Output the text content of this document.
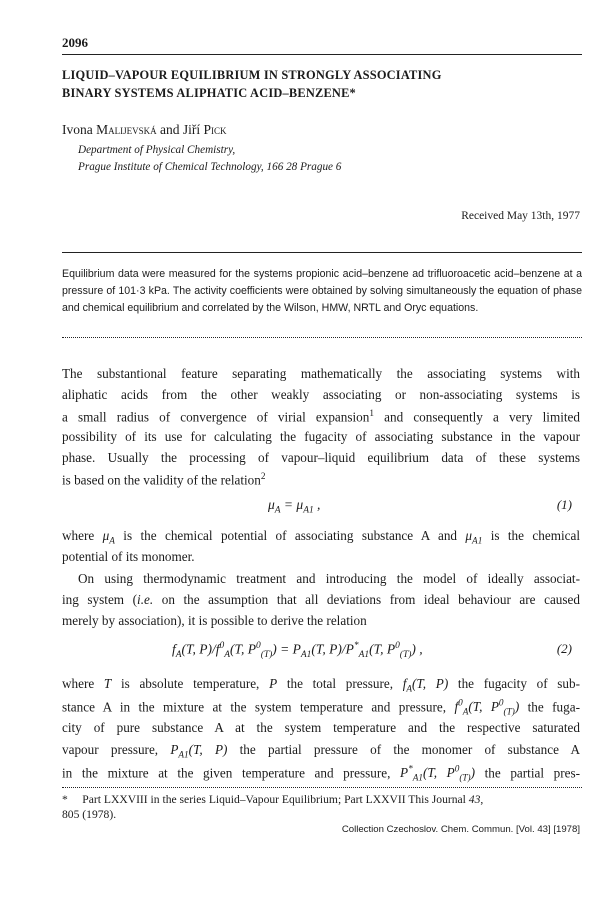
2096
LIQUID–VAPOUR EQUILIBRIUM IN STRONGLY ASSOCIATING
BINARY SYSTEMS ALIPHATIC ACID–BENZENE*
Ivona Malijevská and Jiří Pick
Department of Physical Chemistry,
Prague Institute of Chemical Technology, 166 28 Prague 6
Received May 13th, 1977
Equilibrium data were measured for the systems propionic acid–benzene ad trifluoroacetic acid–benzene at a pressure of 101·3 kPa. The activity coefficients were obtained by solving simultaneously the equation of phase and chemical equilibrium and correlated by the Wilson, HMW, NRTL and Oryc equations.
The substantional feature separating mathematically the associating systems with
aliphatic acids from the other weakly associating or non-associating systems is
a small radius of convergence of virial expansion$^1$ and consequently a very limited
possibility of its use for calculating the fugacity of associating substance in the vapour
phase. Usually the processing of vapour–liquid equilibrium data of these systems
is based on the validity of the relation$^2$
$\mu_A = \mu_{A1}$ ,	(1)
where $\mu_A$ is the chemical potential of associating substance A and $\mu_{A1}$ is the chemical
potential of its monomer.
On using thermodynamic treatment and introducing the model of ideally associat-
ing system (i.e. on the assumption that all deviations from ideal behaviour are caused
merely by association), it is possible to derive the relation
$f_A(T$, $P)/f^0_A(T$, $P^0_{(T)}) = P_{A1}(T$, $P)/P^*_{A1}(T$, $P^0_{(T)}$) ,	(2)
where T is absolute temperature, P the total pressure, $f_A(T$, P) the fugacity of sub-
stance A in the mixture at the system temperature and pressure, $f^0_A(T$, $P^0_{(T)}$) the fuga-
city of pure substance A at the system temperature and the respective saturated
vapour pressure, $P_{A1}(T$, P) the partial pressure of the monomer of substance A
in the mixture at the given temperature and pressure, $P^*_{A1}(T$, $P^0_{(T)}$) the partial pres-
* Part LXXVIII in the series Liquid–Vapour Equilibrium; Part LXXVII This Journal 43,
805 (1978).
Collection Czechoslov. Chem. Commun. [Vol. 43] [1978]
